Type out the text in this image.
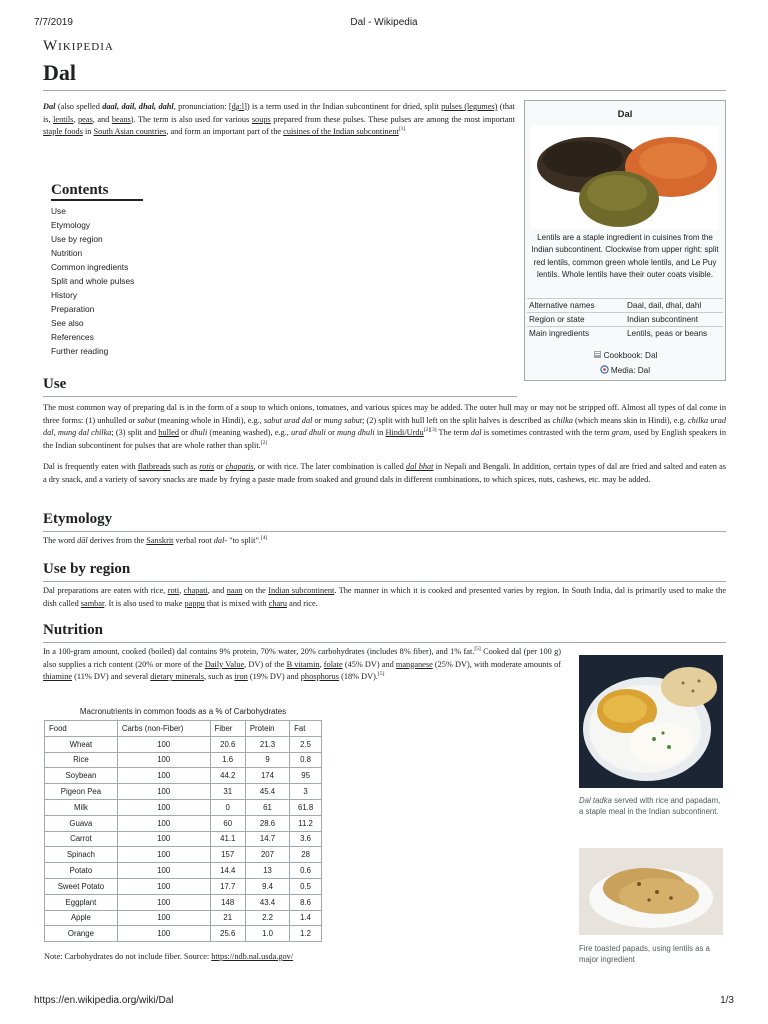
7/7/2019	Dal - Wikipedia
Wikipedia
Dal
Dal (also spelled daal, dail, dhal, dahl, pronunciation: [d̪aːl]) is a term used in the Indian subcontinent for dried, split pulses (legumes) (that is, lentils, peas, and beans). The term is also used for various soups prepared from these pulses. These pulses are among the most important staple foods in South Asian countries, and form an important part of the cuisines of the Indian subcontinent[1]
Dal
Lentils are a staple ingredient in cuisines from the Indian subcontinent. Clockwise from upper right: split red lentils, common green whole lentils, and Le Puy lentils. Whole lentils have their outer coats visible.
Alternative names	Daal, dail, dhal, dahl
Region or state	Indian subcontinent
Main ingredients	Lentils, peas or beans
Cookbook: Dal
Media: Dal
Contents
Use
Etymology
Use by region
Nutrition
Common ingredients
Split and whole pulses
History
Preparation
See also
References
Further reading
Use
The most common way of preparing dal is in the form of a soup to which onions, tomatoes, and various spices may be added. The outer hull may or may not be stripped off. Almost all types of dal come in three forms: (1) unhulled or sabut (meaning whole in Hindi), e.g., sabut urad dal or mung sabut; (2) split with hull left on the split halves is described as chilka (which means skin in Hindi), e.g. chilka urad dal, mung dal chilka; (3) split and hulled or dhuli (meaning washed), e.g., urad dhuli or mung dhuli in Hindi/Urdu[2][3] The term dal is sometimes contrasted with the term gram, used by English speakers in the Indian subcontinent for pulses that are whole rather than split.[2]
Dal is frequently eaten with flatbreads such as rotis or chapatis, or with rice. The later combination is called dal bhat in Nepali and Bengali. In addition, certain types of dal are fried and salted and eaten as a dry snack, and a variety of savory snacks are made by frying a paste made from soaked and ground dals in different combinations, to which spices, nuts, cashews, etc. may be added.
Etymology
The word dāl derives from the Sanskrit verbal root dal- "to split".[4]
Use by region
Dal preparations are eaten with rice, roti, chapati, and naan on the Indian subcontinent. The manner in which it is cooked and presented varies by region. In South India, dal is primarily used to make the dish called sambar. It is also used to make pappu that is mixed with charu and rice.
Nutrition
In a 100-gram amount, cooked (boiled) dal contains 9% protein, 70% water, 20% carbohydrates (includes 8% fiber), and 1% fat.[5] Cooked dal (per 100 g) also supplies a rich content (20% or more of the Daily Value, DV) of the B vitamin, folate (45% DV) and manganese (25% DV), with moderate amounts of thiamine (11% DV) and several dietary minerals, such as iron (19% DV) and phosphorus (18% DV).[5]
Macronutrients in common foods as a % of Carbohydrates
Food	Carbs (non-Fiber)	Fiber	Protein	Fat
Wheat	100	20.6	21.3	2.5
Rice	100	1.6	9	0.8
Soybean	100	44.2	174	95
Pigeon Pea	100	31	45.4	3
Milk	100	0	61	61.8
Guava	100	60	28.6	11.2
Carrot	100	41.1	14.7	3.6
Spinach	100	157	207	28
Potato	100	14.4	13	0.6
Sweet Potato	100	17.7	9.4	0.5
Eggplant	100	148	43.4	8.6
Apple	100	21	2.2	1.4
Orange	100	25.6	1.0	1.2
Note: Carbohydrates do not include fiber. Source: https://ndb.nal.usda.gov/
Dal tadka served with rice and papadam, a staple meal in the Indian subcontinent.
Fire toasted papads, using lentils as a major ingredient
https://en.wikipedia.org/wiki/Dal	1/3
